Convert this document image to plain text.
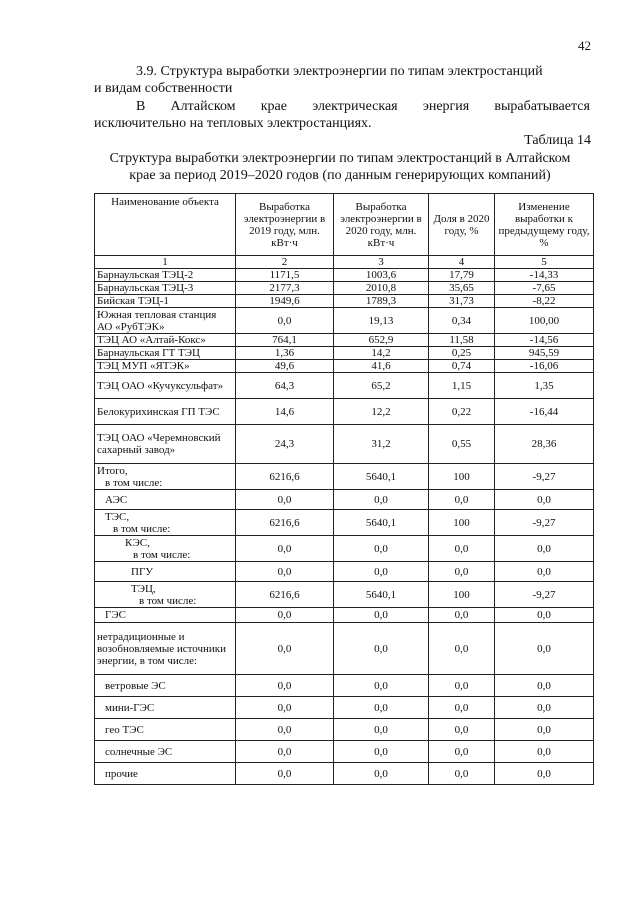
42
3.9. Структура выработки электроэнергии по типам электростанций
и видам собственности
В Алтайском крае электрическая энергия вырабатывается
исключительно на тепловых электростанциях.
Таблица 14
Структура выработки электроэнергии по типам электростанций в Алтайском
крае за период 2019–2020 годов (по данным генерирующих компаний)
Наименование объекта	Выработка электроэнергии в 2019 году, млн. кВт·ч	Выработка электроэнергии в 2020 году, млн. кВт·ч	Доля в 2020 году, %	Изменение выработки к предыдущему году, %
1	2	3	4	5
Барнаульская ТЭЦ-2	1171,5	1003,6	17,79	-14,33
Барнаульская ТЭЦ-3	2177,3	2010,8	35,65	-7,65
Бийская ТЭЦ-1	1949,6	1789,3	31,73	-8,22
Южная тепловая станция АО «РубТЭК»	0,0	19,13	0,34	100,00
ТЭЦ АО «Алтай-Кокс»	764,1	652,9	11,58	-14,56
Барнаульская ГТ ТЭЦ	1,36	14,2	0,25	945,59
ТЭЦ МУП «ЯТЭК»	49,6	41,6	0,74	-16,06
ТЭЦ ОАО «Кучуксульфат»	64,3	65,2	1,15	1,35
Белокурихинская ГП ТЭС	14,6	12,2	0,22	-16,44
ТЭЦ ОАО «Черемновский сахарный завод»	24,3	31,2	0,55	28,36
Итого,
в том числе:	6216,6	5640,1	100	-9,27
АЭС	0,0	0,0	0,0	0,0
ТЭС,
в том числе:	6216,6	5640,1	100	-9,27
КЭС,
в том числе:	0,0	0,0	0,0	0,0
ПГУ	0,0	0,0	0,0	0,0
ТЭЦ,
в том числе:	6216,6	5640,1	100	-9,27
ГЭС	0,0	0,0	0,0	0,0
нетрадиционные и возобновляемые источники энергии, в том числе:	0,0	0,0	0,0	0,0
ветровые ЭС	0,0	0,0	0,0	0,0
мини-ГЭС	0,0	0,0	0,0	0,0
гео ТЭС	0,0	0,0	0,0	0,0
солнечные ЭС	0,0	0,0	0,0	0,0
прочие	0,0	0,0	0,0	0,0
